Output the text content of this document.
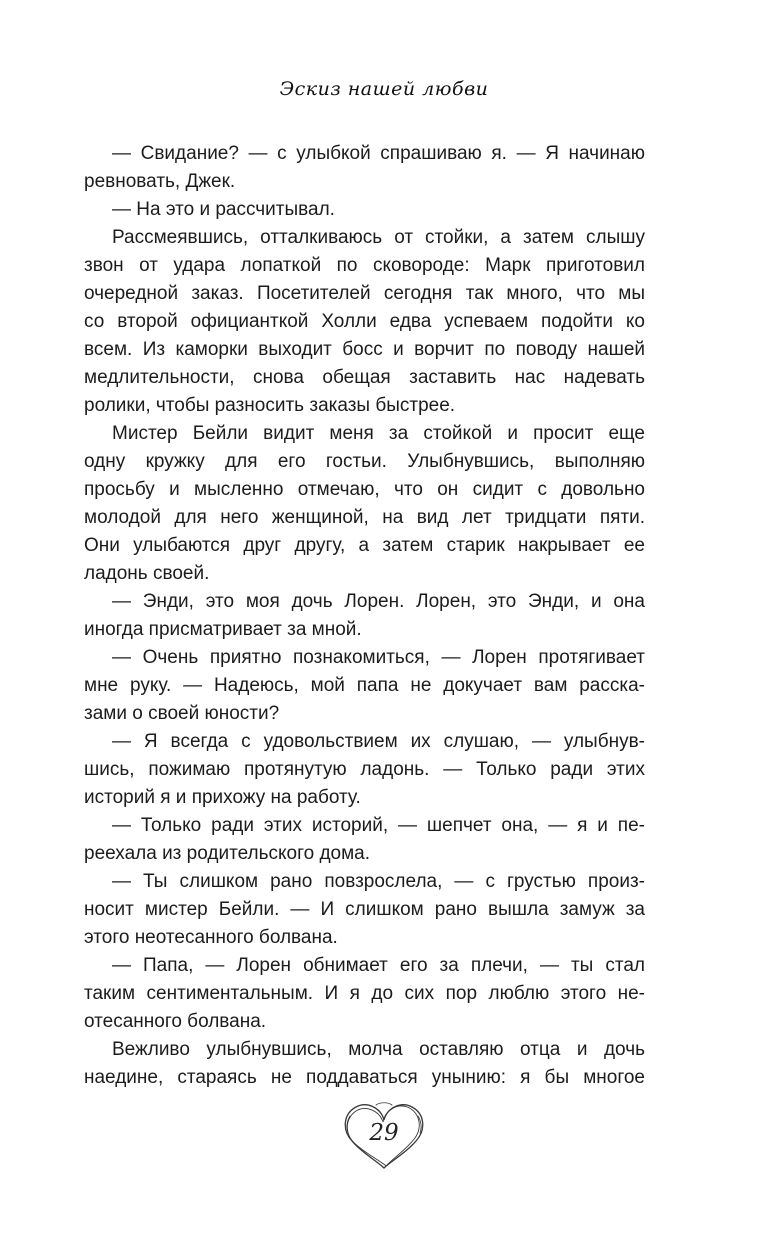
Эскиз нашей любви
— Свидание? — с улыбкой спрашиваю я. — Я начинаю
ревновать, Джек.
— На это и рассчитывал.
Рассмеявшись, отталкиваюсь от стойки, а затем слышу
звон от удара лопаткой по сковороде: Марк приготовил
очередной заказ. Посетителей сегодня так много, что мы
со второй официанткой Холли едва успеваем подойти ко
всем. Из каморки выходит босс и ворчит по поводу нашей
медлительности, снова обещая заставить нас надевать
ролики, чтобы разносить заказы быстрее.
Мистер Бейли видит меня за стойкой и просит еще
одну кружку для его гостьи. Улыбнувшись, выполняю
просьбу и мысленно отмечаю, что он сидит с довольно
молодой для него женщиной, на вид лет тридцати пяти.
Они улыбаются друг другу, а затем старик накрывает ее
ладонь своей.
— Энди, это моя дочь Лорен. Лорен, это Энди, и она
иногда присматривает за мной.
— Очень приятно познакомиться, — Лорен протягивает
мне руку. — Надеюсь, мой папа не докучает вам расска-
зами о своей юности?
— Я всегда с удовольствием их слушаю, — улыбнув-
шись, пожимаю протянутую ладонь. — Только ради этих
историй я и прихожу на работу.
— Только ради этих историй, — шепчет она, — я и пе-
реехала из родительского дома.
— Ты слишком рано повзрослела, — с грустью произ-
носит мистер Бейли. — И слишком рано вышла замуж за
этого неотесанного болвана.
— Папа, — Лорен обнимает его за плечи, — ты стал
таким сентиментальным. И я до сих пор люблю этого не-
отесанного болвана.
Вежливо улыбнувшись, молча оставляю отца и дочь
наедине, стараясь не поддаваться унынию: я бы многое
29
